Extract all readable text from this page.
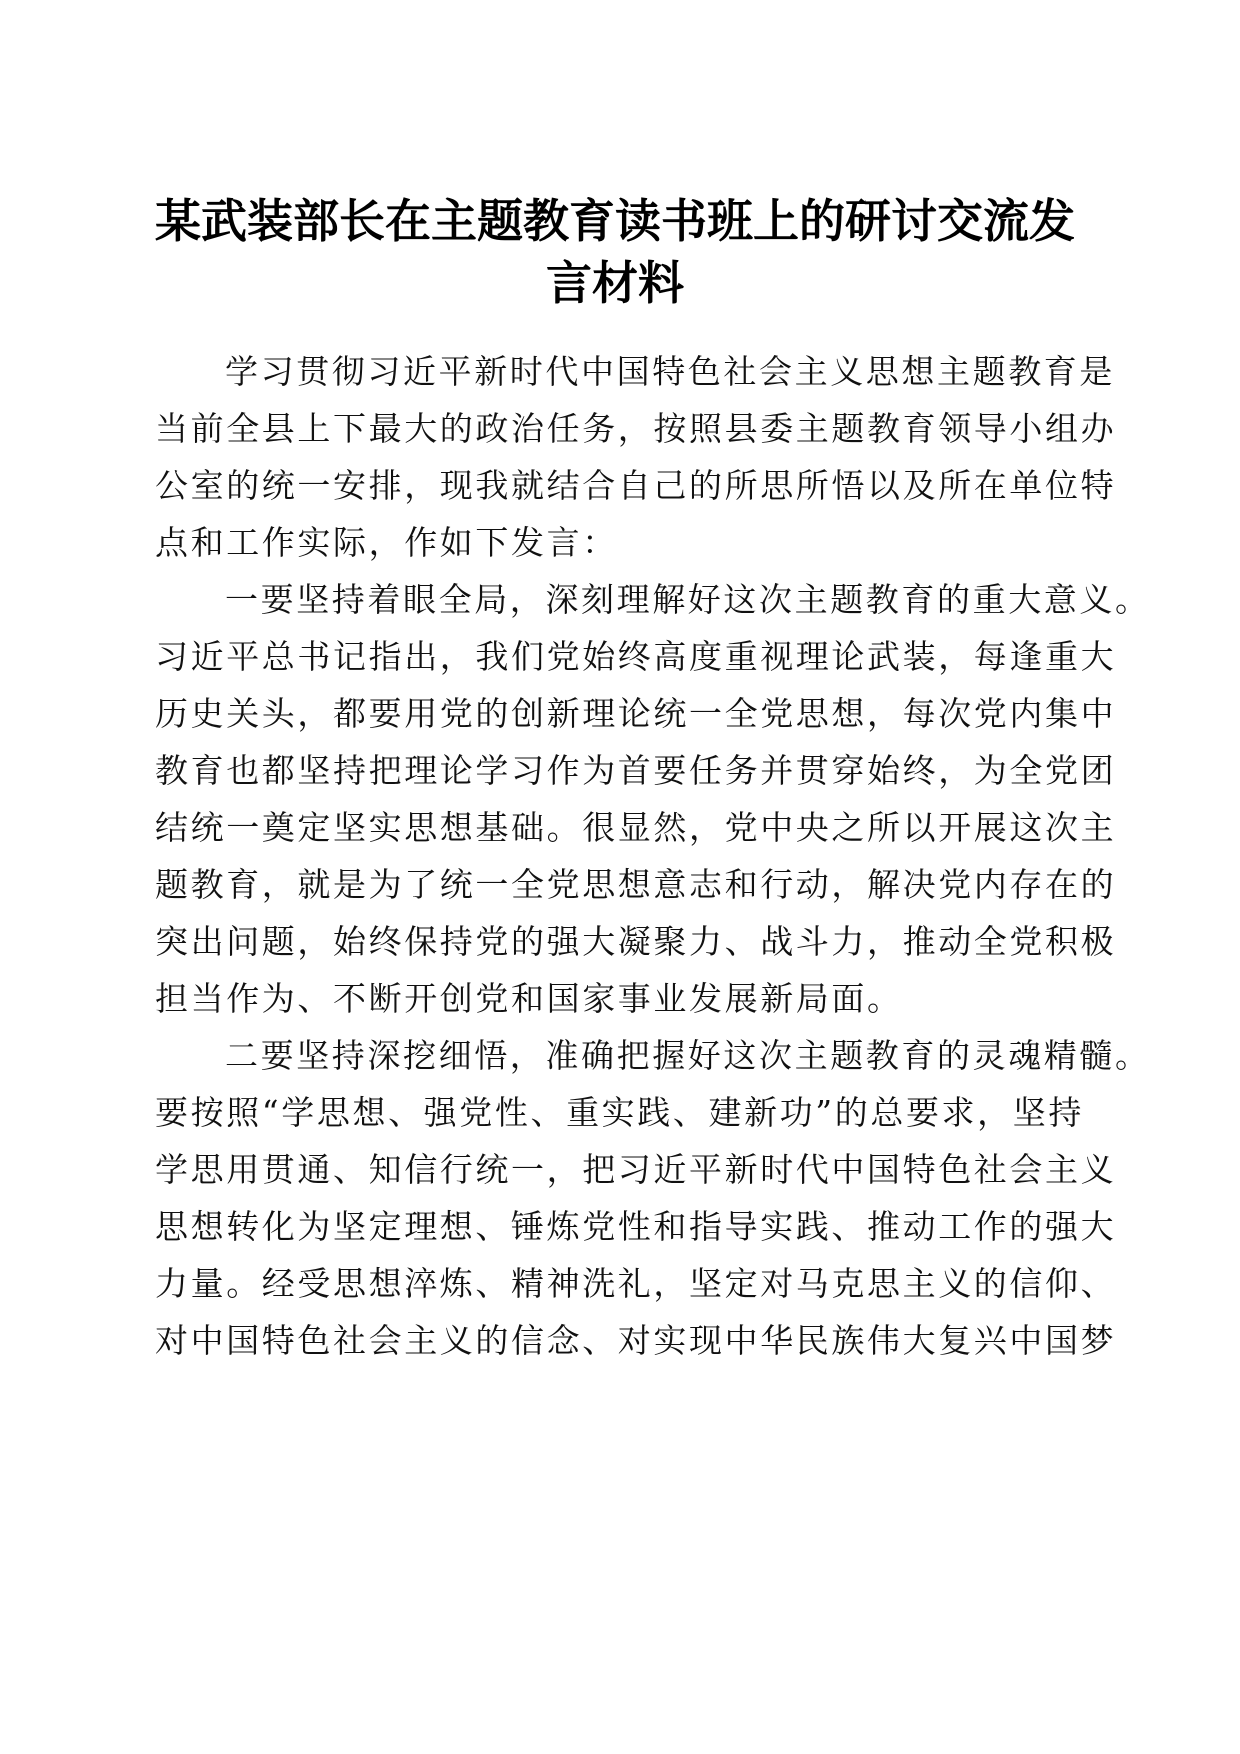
某武装部长在主题教育读书班上的研讨交流发
言材料

学习贯彻习近平新时代中国特色社会主义思想主题教育是

当前全县上下最大的政治任务，按照县委主题教育领导小组办

公室的统一安排，现我就结合自己的所思所悟以及所在单位特

点和工作实际，作如下发言：

一要坚持着眼全局，深刻理解好这次主题教育的重大意义。

习近平总书记指出，我们党始终高度重视理论武装，每逢重大

历史关头，都要用党的创新理论统一全党思想，每次党内集中

教育也都坚持把理论学习作为首要任务并贯穿始终，为全党团

结统一奠定坚实思想基础。很显然，党中央之所以开展这次主

题教育，就是为了统一全党思想意志和行动，解决党内存在的

突出问题，始终保持党的强大凝聚力、战斗力，推动全党积极

担当作为、不断开创党和国家事业发展新局面。

二要坚持深挖细悟，准确把握好这次主题教育的灵魂精髓。

要按照“学思想、强党性、重实践、建新功”的总要求，坚持

学思用贯通、知信行统一，把习近平新时代中国特色社会主义

思想转化为坚定理想、锤炼党性和指导实践、推动工作的强大

力量。经受思想淬炼、精神洗礼，坚定对马克思主义的信仰、

对中国特色社会主义的信念、对实现中华民族伟大复兴中国梦
